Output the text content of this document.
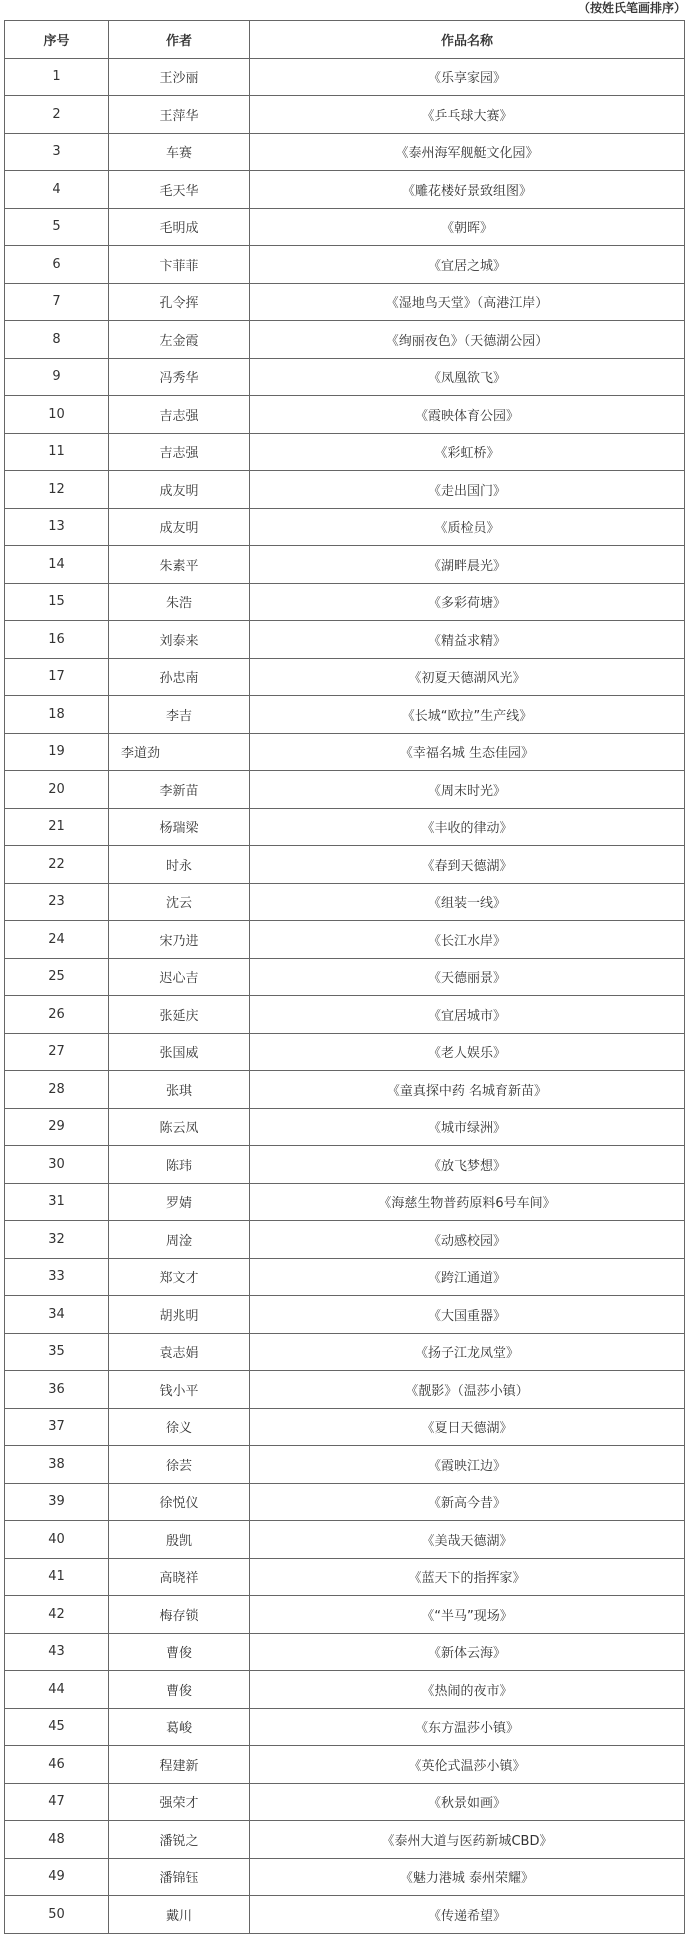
（按姓氏笔画排序）
序号	作者	作品名称
1	王沙丽	《乐享家园》
2	王萍华	《乒乓球大赛》
3	车赛	《泰州海军舰艇文化园》
4	毛天华	《雕花楼好景致组图》
5	毛明成	《朝晖》
6	卞菲菲	《宜居之城》
7	孔令挥	《湿地鸟天堂》（高港江岸）
8	左金霞	《绚丽夜色》（天德湖公园）
9	冯秀华	《凤凰欲飞》
10	吉志强	《霞映体育公园》
11	吉志强	《彩虹桥》
12	成友明	《走出国门》
13	成友明	《质检员》
14	朱素平	《湖畔晨光》
15	朱浩	《多彩荷塘》
16	刘泰来	《精益求精》
17	孙忠南	《初夏天德湖风光》
18	李吉	《长城“欧拉”生产线》
19	李道劲	《幸福名城 生态佳园》
20	李新苗	《周末时光》
21	杨瑞梁	《丰收的律动》
22	时永	《春到天德湖》
23	沈云	《组装一线》
24	宋乃进	《长江水岸》
25	迟心吉	《天德丽景》
26	张延庆	《宜居城市》
27	张国威	《老人娱乐》
28	张琪	《童真探中药 名城育新苗》
29	陈云凤	《城市绿洲》
30	陈玮	《放飞梦想》
31	罗婧	《海慈生物普药原料6号车间》
32	周淦	《动感校园》
33	郑文才	《跨江通道》
34	胡兆明	《大国重器》
35	袁志娟	《扬子江龙凤堂》
36	钱小平	《靓影》（温莎小镇）
37	徐义	《夏日天德湖》
38	徐芸	《霞映江边》
39	徐悦仪	《新高今昔》
40	殷凯	《美哉天德湖》
41	高晓祥	《蓝天下的指挥家》
42	梅存锁	《“半马”现场》
43	曹俊	《新体云海》
44	曹俊	《热闹的夜市》
45	葛峻	《东方温莎小镇》
46	程建新	《英伦式温莎小镇》
47	强荣才	《秋景如画》
48	潘锐之	《泰州大道与医药新城CBD》
49	潘锦钰	《魅力港城 泰州荣耀》
50	戴川	《传递希望》
